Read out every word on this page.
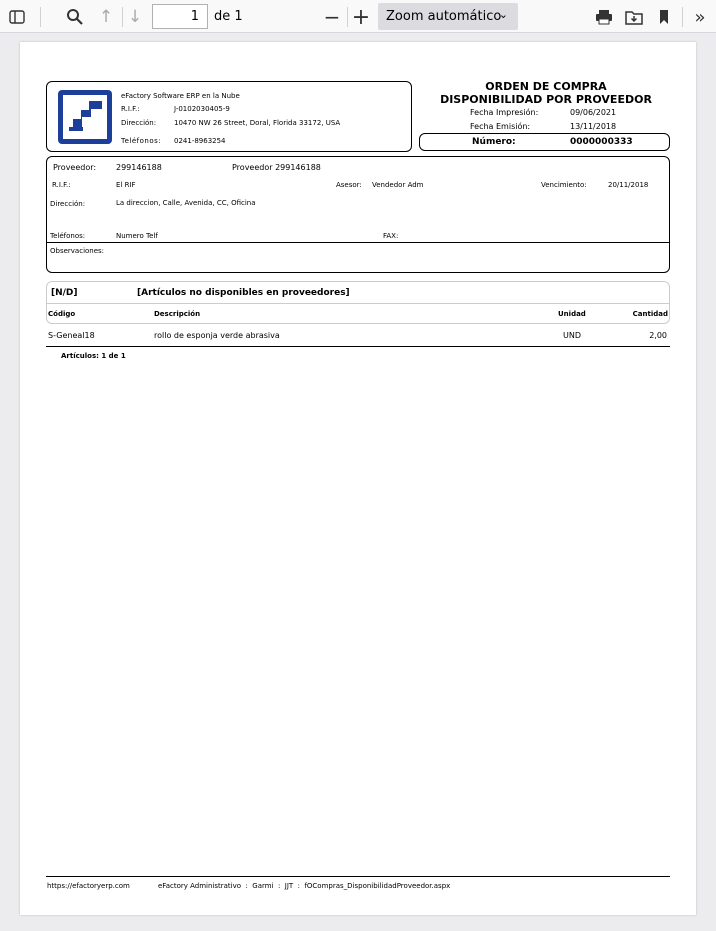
↑ ↓	1	de 1	− +	Zoom automático
⌄	»
eFactory Software ERP en la Nube
R.I.F.:	J-0102030405-9
Dirección:	10470 NW 26 Street, Doral, Florida 33172, USA
Teléfonos: 0241-8963254
ORDEN DE COMPRA
DISPONIBILIDAD POR PROVEEDOR
Fecha Impresión:	09/06/2021
Fecha Emisión:	13/11/2018
Número:	0000000333
Proveedor: 299146188	Proveedor 299146188
R.I.F.:	El RIF	Asesor: Vendedor Adm	Vencimiento:	20/11/2018
Dirección:	La direccion, Calle, Avenida, CC, Oficina
Teléfonos:	Numero Telf	FAX:
Observaciones:
[N/D]	[Artículos no disponibles en proveedores]
Código	Descripción	Unidad	Cantidad
S-Geneal18	rollo de esponja verde abrasiva	UND	2,00
Artículos: 1 de 1
https://efactoryerp.com	eFactory Administrativo  :  Garmi  :  JJT  :  fOCompras_DisponibilidadProveedor.aspx
